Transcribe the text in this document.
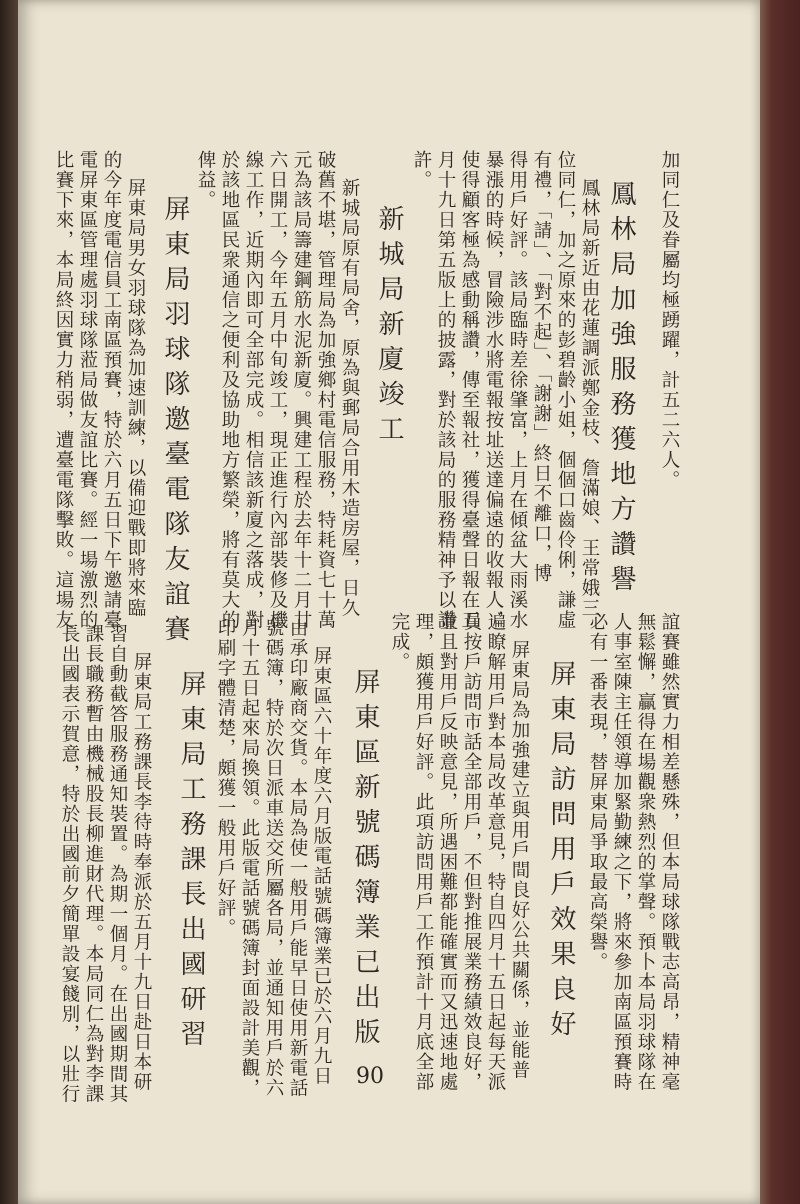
加同仁及眷屬均極踴躍，計五二六人。
鳳林局加強服務獲地方讚譽
鳳林局新近由花蓮調派鄭金枝、詹滿娘、王常娥三
位同仁，加之原來的彭碧齡小姐，個個口齒伶俐，謙虛
有禮，「請」、「對不起」、「謝謝」終日不離口，博
得用戶好評。該局臨時差徐肇富，上月在傾盆大雨溪水
暴漲的時候，冒險涉水將電報按址送達偏遠的收報人，
使得顧客極為感動稱讚，傳至報社，獲得臺聲日報在五
月十九日第五版上的披露，對於該局的服務精神予以讚
許。
新城局新廈竣工
新城局原有局舍，原為與郵局合用木造房屋，日久
破舊不堪，管理局為加強鄉村電信服務，特耗資七十萬
元為該局籌建鋼筋水泥新廈。興建工程於去年十二月廿
六日開工，今年五月中旬竣工，現正進行內部裝修及機
線工作，近期內即可全部完成。相信該新廈之落成，對
於該地區民衆通信之便利及協助地方繁榮，將有莫大的
俾益。
屏東局羽球隊邀臺電隊友誼賽
屏東局男女羽球隊為加速訓練，以備迎戰即將來臨
的今年度電信員工南區預賽，特於六月五日下午邀請臺
電屏東區管理處羽球隊蒞局做友誼比賽。經一場激烈的
比賽下來，本局終因實力稍弱，遭臺電隊擊敗。這場友
誼賽雖然實力相差懸殊，但本局球隊戰志高昂，精神毫
無鬆懈，贏得在場觀衆熱烈的掌聲。預卜本局羽球隊在
人事室陳主任領導加緊勤練之下，將來參加南區預賽時
必有一番表現，替屏東局爭取最高榮譽。
屏東局訪問用戶效果良好
屏東局為加強建立與用戶間良好公共關係，並能普
遍瞭解用戶對本局改革意見，特自四月十五日起每天派
員按戶訪問市話全部用戶，不但對推展業務績效良好，
並且對用戶反映意見，所遇困難都能確實而又迅速地處
理，頗獲用戶好評。此項訪問用戶工作預計十月底全部
完成。
屏東區新號碼簿業已出版
屏東區六十年度六月版電話號碼簿業已於六月九日
由承印廠商交貨。本局為使一般用戶能早日使用新電話
號碼簿，特於次日派車送交所屬各局，並通知用戶於六
月十五日起來局換領。此版電話號碼簿封面設計美觀，
印刷字體清楚，頗獲一般用戶好評。
屏東局工務課長出國研習
屏東局工務課長李待時奉派於五月十九日赴日本研
習自動截答服務通知裝置。為期一個月。在出國期間其
課長職務暫由機械股長柳進財代理。本局同仁為對李課
長出國表示賀意，特於出國前夕簡單設宴餞別，以壯行	90
